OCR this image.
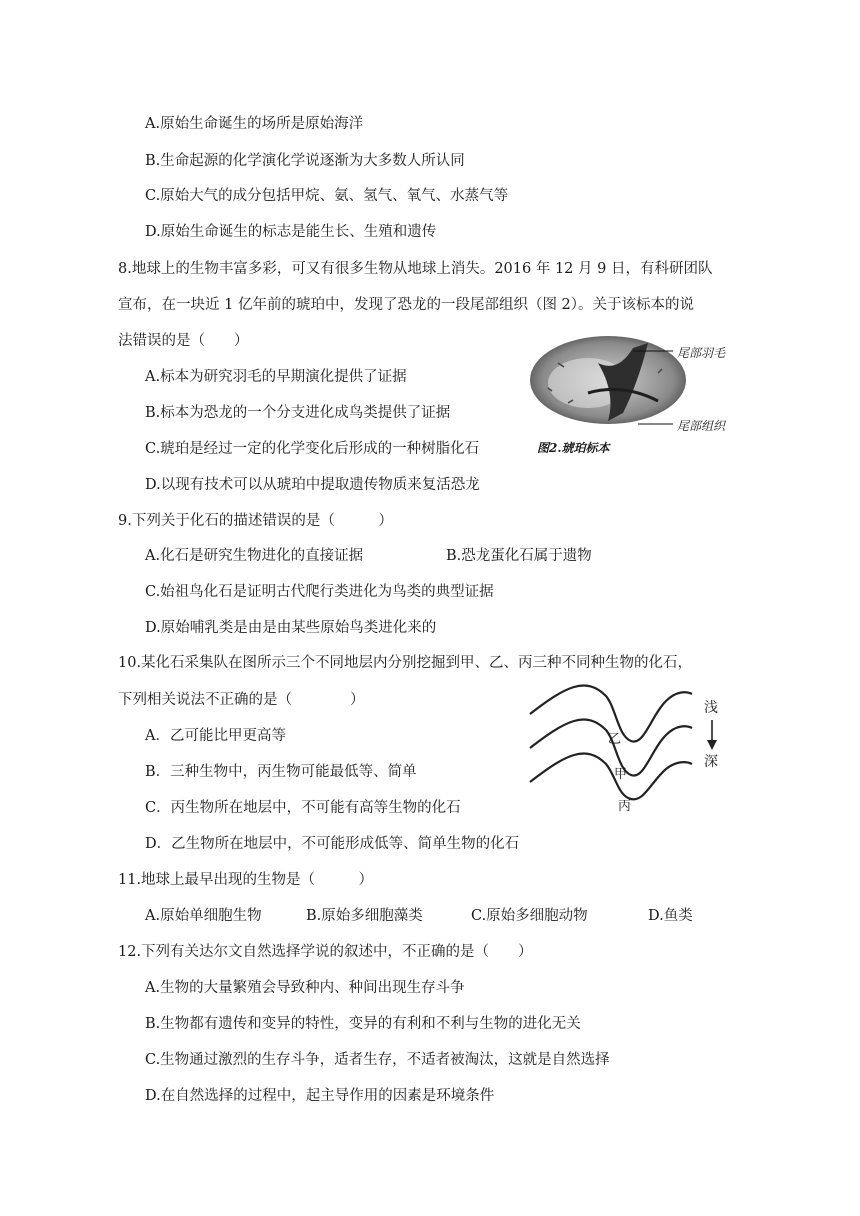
A.原始生命诞生的场所是原始海洋
B.生命起源的化学演化学说逐渐为大多数人所认同
C.原始大气的成分包括甲烷、氨、氢气、氧气、水蒸气等
D.原始生命诞生的标志是能生长、生殖和遗传
8.地球上的生物丰富多彩，可又有很多生物从地球上消失。2016 年 12 月 9 日，有科研团队
宣布，在一块近 1 亿年前的琥珀中，发现了恐龙的一段尾部组织（图 2）。关于该标本的说
法错误的是（　　）
A.标本为研究羽毛的早期演化提供了证据
B.标本为恐龙的一个分支进化成鸟类提供了证据
C.琥珀是经过一定的化学变化后形成的一种树脂化石
D.以现有技术可以从琥珀中提取遗传物质来复活恐龙
尾部羽毛
尾部组织
图2.琥珀标本
9.下列关于化石的描述错误的是（　　　）
A.化石是研究生物进化的直接证据	B.恐龙蛋化石属于遗物
C.始祖鸟化石是证明古代爬行类进化为鸟类的典型证据
D.原始哺乳类是由是由某些原始鸟类进化来的
10.某化石采集队在图所示三个不同地层内分别挖掘到甲、乙、丙三种不同种生物的化石，
下列相关说法不正确的是（　　　　）
A．乙可能比甲更高等
B．三种生物中，丙生物可能最低等、简单
C．丙生物所在地层中，不可能有高等生物的化石
D．乙生物所在地层中，不可能形成低等、简单生物的化石
浅
深
乙
甲
丙
11.地球上最早出现的生物是（　　　）
A.原始单细胞生物	B.原始多细胞藻类	C.原始多细胞动物	D.鱼类
12.下列有关达尔文自然选择学说的叙述中，不正确的是（　　）
A.生物的大量繁殖会导致种内、种间出现生存斗争
B.生物都有遗传和变异的特性，变异的有利和不利与生物的进化无关
C.生物通过激烈的生存斗争，适者生存，不适者被淘汰，这就是自然选择
D.在自然选择的过程中，起主导作用的因素是环境条件
